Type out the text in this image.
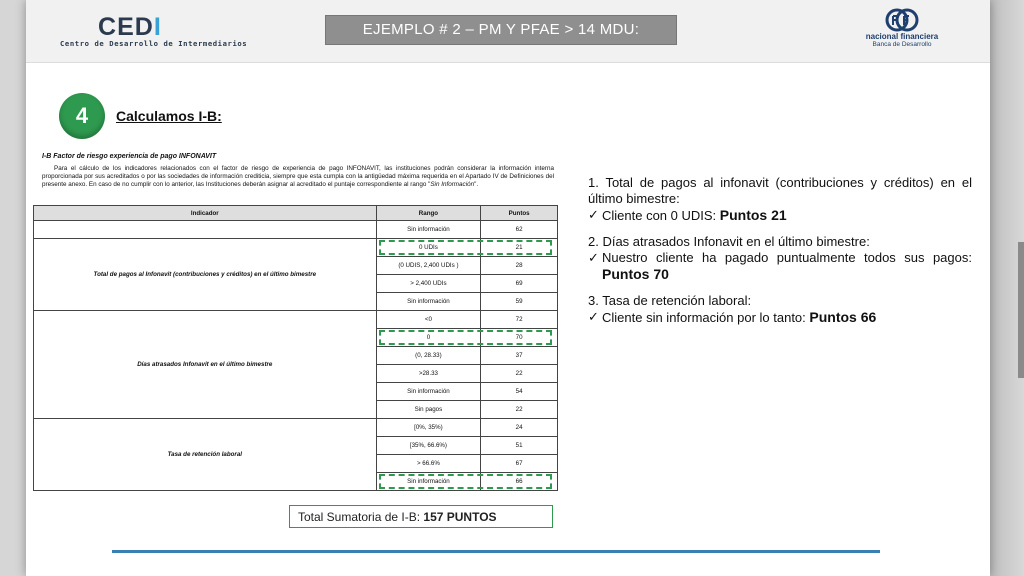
CEDI
Centro de Desarrollo de Intermediarios
EJEMPLO # 2 – PM Y PFAE > 14 MDU:	nacional financiera
Banca de Desarrollo
4	Calculamos I-B:
I-B Factor de riesgo experiencia de pago INFONAVIT

Para el cálculo de los indicadores relacionados con el factor de riesgo de experiencia de pago INFONAVIT, las instituciones podrán considerar la información interna proporcionada por sus acreditados o por las sociedades de información crediticia, siempre que esta cumpla con la antigüedad máxima requerida en el Apartado IV de Definiciones del presente anexo. En caso de no cumplir con lo anterior, las Instituciones deberán asignar al acreditado el puntaje correspondiente al rango "Sin Información".

Indicador	Rango	Puntos
	Sin información	62
Total de pagos al Infonavit (contribuciones y créditos) en el último bimestre	0 UDIs	21
	(0 UDIS, 2,400 UDIs )	28
	> 2,400 UDIs	69
	Sin información	59
Días atrasados Infonavit en el último bimestre	<0	72
	0	70
	(0, 28.33)	37
	>28.33	22
	Sin información	54
	Sin pagos	22
Tasa de retención laboral	[0%, 35%)	24
	[35%, 66.6%)	51
	> 66.6%	67
	Sin información	66
Total Sumatoria de I-B: 157 PUNTOS

1. Total de pagos al infonavit (contribuciones y créditos) en el último bimestre:

✓ Cliente con 0 UDIS: Puntos 21

2. Días atrasados Infonavit en el último bimestre:

✓ Nuestro cliente ha pagado puntualmente todos sus pagos: Puntos 70

3. Tasa de retención laboral:

✓ Cliente sin información por lo tanto: Puntos 66
